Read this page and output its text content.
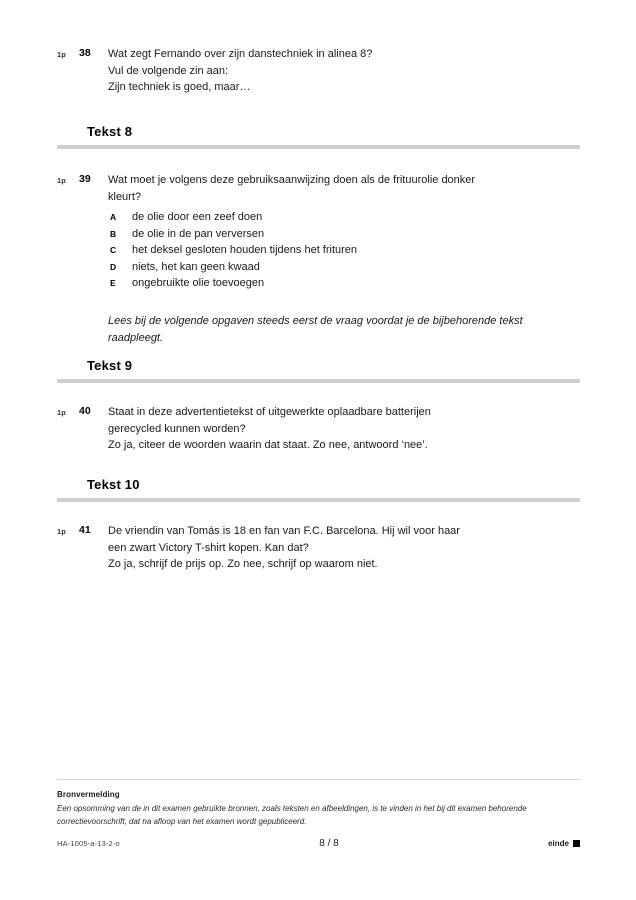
1p	38	Wat zegt Fernando over zijn danstechniek in alinea 8?
Vul de volgende zin aan:
Zijn techniek is goed, maar…
Tekst 8
1p	39	Wat moet je volgens deze gebruiksaanwijzing doen als de frituurolie donker
kleurt?
A	de olie door een zeef doen
B	de olie in de pan verversen
C	het deksel gesloten houden tijdens het frituren
D	niets, het kan geen kwaad
E	ongebruikte olie toevoegen
Lees bij de volgende opgaven steeds eerst de vraag voordat je de bijbehorende tekst raadpleegt.
Tekst 9
1p	40	Staat in deze advertentietekst of uitgewerkte oplaadbare batterijen
gerecycled kunnen worden?
Zo ja, citeer de woorden waarin dat staat. Zo nee, antwoord ‘nee’.
Tekst 10
1p	41	De vriendin van Tomás is 18 en fan van F.C. Barcelona. Hij wil voor haar
een zwart Victory T-shirt kopen. Kan dat?
Zo ja, schrijf de prijs op. Zo nee, schrijf op waarom niet.
Bronvermelding
Een opsomming van de in dit examen gebruikte bronnen, zoals teksten en afbeeldingen, is te vinden in het bij dit examen behorende correctievoorschrift, dat na afloop van het examen wordt gepubliceerd.
HA-1005-a-13-2-o	8 / 8	einde
